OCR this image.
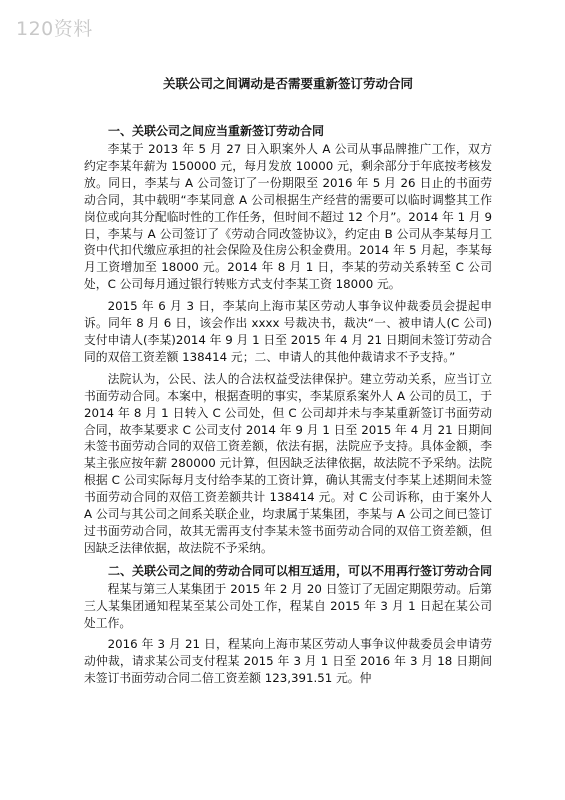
120资料
关联公司之间调动是否需要重新签订劳动合同
一、关联公司之间应当重新签订劳动合同

李某于 2013 年 5 月 27 日入职案外人 A 公司从事品牌推广工作，双方约定李某年薪为 150000 元，每月发放 10000 元，剩余部分于年底按考核发放。同日，李某与 A 公司签订了一份期限至 2016 年 5 月 26 日止的书面劳动合同，其中载明“李某同意 A 公司根据生产经营的需要可以临时调整其工作岗位或向其分配临时性的工作任务，但时间不超过 12 个月”。2014 年 1 月 9 日，李某与 A 公司签订了《劳动合同改签协议》，约定由 B 公司从李某每月工资中代扣代缴应承担的社会保险及住房公积金费用。2014 年 5 月起，李某每月工资增加至 18000 元。2014 年 8 月 1 日，李某的劳动关系转至 C 公司处，C 公司每月通过银行转账方式支付李某工资 18000 元。

2015 年 6 月 3 日，李某向上海市某区劳动人事争议仲裁委员会提起申诉。同年 8 月 6 日，该会作出 xxxx 号裁决书，裁决“一、被申请人(C 公司)支付申请人(李某)2014 年 9 月 1 日至 2015 年 4 月 21 日期间未签订劳动合同的双倍工资差额 138414 元；二、申请人的其他仲裁请求不予支持。”

法院认为，公民、法人的合法权益受法律保护。建立劳动关系，应当订立书面劳动合同。本案中，根据查明的事实，李某原系案外人 A 公司的员工，于 2014 年 8 月 1 日转入 C 公司处，但 C 公司却并未与李某重新签订书面劳动合同，故李某要求 C 公司支付 2014 年 9 月 1 日至 2015 年 4 月 21 日期间未签书面劳动合同的双倍工资差额，依法有据，法院应予支持。具体金额，李某主张应按年薪 280000 元计算，但因缺乏法律依据，故法院不予采纳。法院根据 C 公司实际每月支付给李某的工资计算，确认其需支付李某上述期间未签书面劳动合同的双倍工资差额共计 138414 元。对 C 公司诉称，由于案外人 A 公司与其公司之间系关联企业，均隶属于某集团，李某与 A 公司之间已签订过书面劳动合同，故其无需再支付李某未签书面劳动合同的双倍工资差额，但因缺乏法律依据，故法院不予采纳。

二、关联公司之间的劳动合同可以相互适用，可以不用再行签订劳动合同

程某与第三人某集团于 2015 年 2 月 20 日签订了无固定期限劳动。后第三人某集团通知程某至某公司处工作，程某自 2015 年 3 月 1 日起在某公司处工作。

2016 年 3 月 21 日，程某向上海市某区劳动人事争议仲裁委员会申请劳动仲裁，请求某公司支付程某 2015 年 3 月 1 日至 2016 年 3 月 18 日期间未签订书面劳动合同二倍工资差额 123,391.51 元。仲
